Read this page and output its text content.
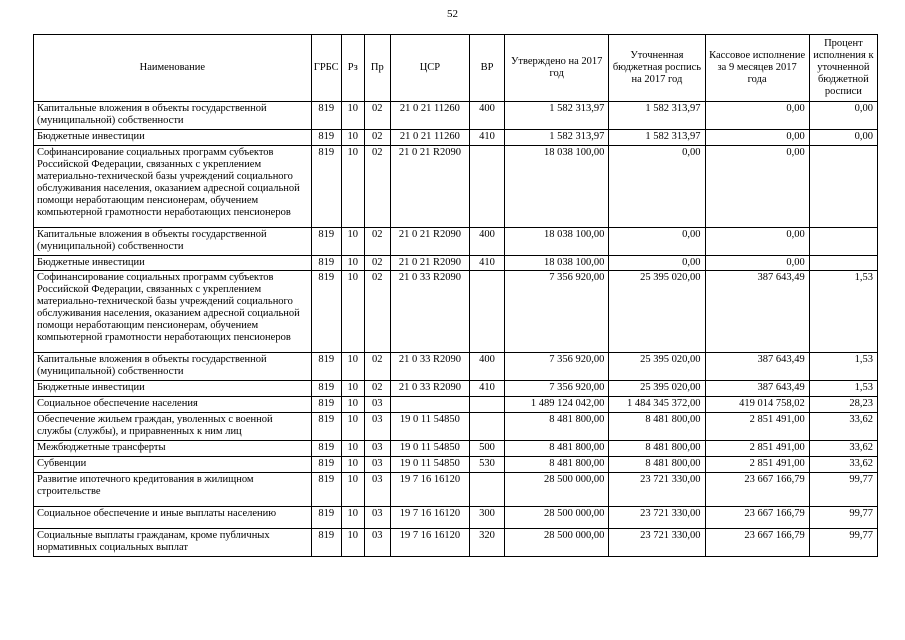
52
Наименование	ГРБС	Рз	Пр	ЦСР	ВР	Утверждено на 2017 год	Уточненная бюджетная роспись на 2017 год	Кассовое исполнение за 9 месяцев 2017 года	Процент исполнения к уточненной бюджетной росписи
Капитальные вложения в объекты государственной (муниципальной) собственности	819	10	02	21 0 21 11260	400	1 582 313,97	1 582 313,97	0,00	0,00
Бюджетные инвестиции	819	10	02	21 0 21 11260	410	1 582 313,97	1 582 313,97	0,00	0,00
Софинансирование социальных программ субъектов Российской Федерации, связанных с укреплением материально-технической базы учреждений социального обслуживания населения, оказанием адресной социальной помощи неработающим пенсионерам, обучением компьютерной грамотности неработающих пенсионеров	819	10	02	21 0 21 R2090		18 038 100,00	0,00	0,00	
Капитальные вложения в объекты государственной (муниципальной) собственности	819	10	02	21 0 21 R2090	400	18 038 100,00	0,00	0,00	
Бюджетные инвестиции	819	10	02	21 0 21 R2090	410	18 038 100,00	0,00	0,00	
Софинансирование социальных программ субъектов Российской Федерации, связанных с укреплением материально-технической базы учреждений социального обслуживания населения, оказанием адресной социальной помощи неработающим пенсионерам, обучением компьютерной грамотности неработающих пенсионеров	819	10	02	21 0 33 R2090		7 356 920,00	25 395 020,00	387 643,49	1,53
Капитальные вложения в объекты государственной (муниципальной) собственности	819	10	02	21 0 33 R2090	400	7 356 920,00	25 395 020,00	387 643,49	1,53
Бюджетные инвестиции	819	10	02	21 0 33 R2090	410	7 356 920,00	25 395 020,00	387 643,49	1,53
Социальное обеспечение населения	819	10	03			1 489 124 042,00	1 484 345 372,00	419 014 758,02	28,23
Обеспечение жильем граждан, уволенных с военной службы (службы), и приравненных к ним лиц	819	10	03	19 0 11 54850		8 481 800,00	8 481 800,00	2 851 491,00	33,62
Межбюджетные трансферты	819	10	03	19 0 11 54850	500	8 481 800,00	8 481 800,00	2 851 491,00	33,62
Субвенции	819	10	03	19 0 11 54850	530	8 481 800,00	8 481 800,00	2 851 491,00	33,62
Развитие ипотечного кредитования в жилищном строительстве	819	10	03	19 7 16 16120		28 500 000,00	23 721 330,00	23 667 166,79	99,77
Социальное обеспечение и иные выплаты населению	819	10	03	19 7 16 16120	300	28 500 000,00	23 721 330,00	23 667 166,79	99,77
Социальные выплаты гражданам, кроме публичных нормативных социальных выплат	819	10	03	19 7 16 16120	320	28 500 000,00	23 721 330,00	23 667 166,79	99,77
